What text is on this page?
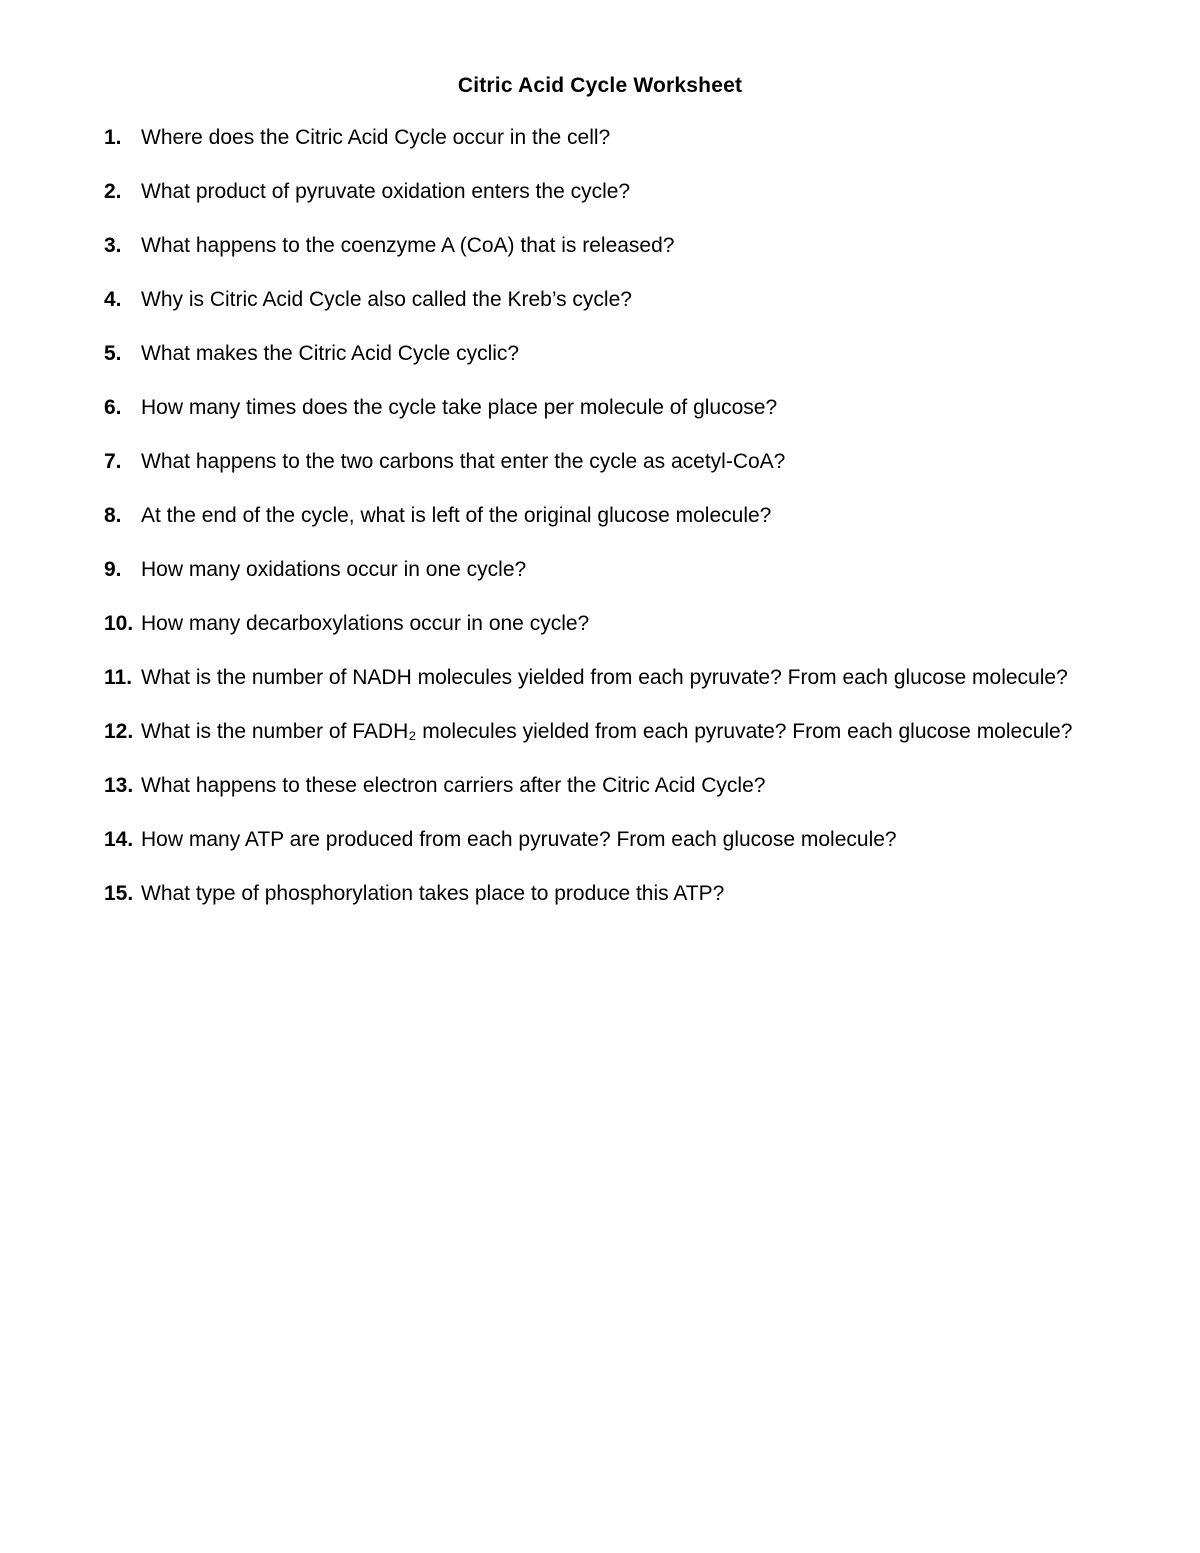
Citric Acid Cycle Worksheet
1. Where does the Citric Acid Cycle occur in the cell?
2. What product of pyruvate oxidation enters the cycle?
3. What happens to the coenzyme A (CoA) that is released?
4. Why is Citric Acid Cycle also called the Kreb’s cycle?
5. What makes the Citric Acid Cycle cyclic?
6. How many times does the cycle take place per molecule of glucose?
7. What happens to the two carbons that enter the cycle as acetyl-CoA?
8. At the end of the cycle, what is left of the original glucose molecule?
9. How many oxidations occur in one cycle?
10. How many decarboxylations occur in one cycle?
11. What is the number of NADH molecules yielded from each pyruvate? From each glucose molecule?
12. What is the number of FADH₂ molecules yielded from each pyruvate? From each glucose molecule?
13. What happens to these electron carriers after the Citric Acid Cycle?
14. How many ATP are produced from each pyruvate? From each glucose molecule?
15. What type of phosphorylation takes place to produce this ATP?
